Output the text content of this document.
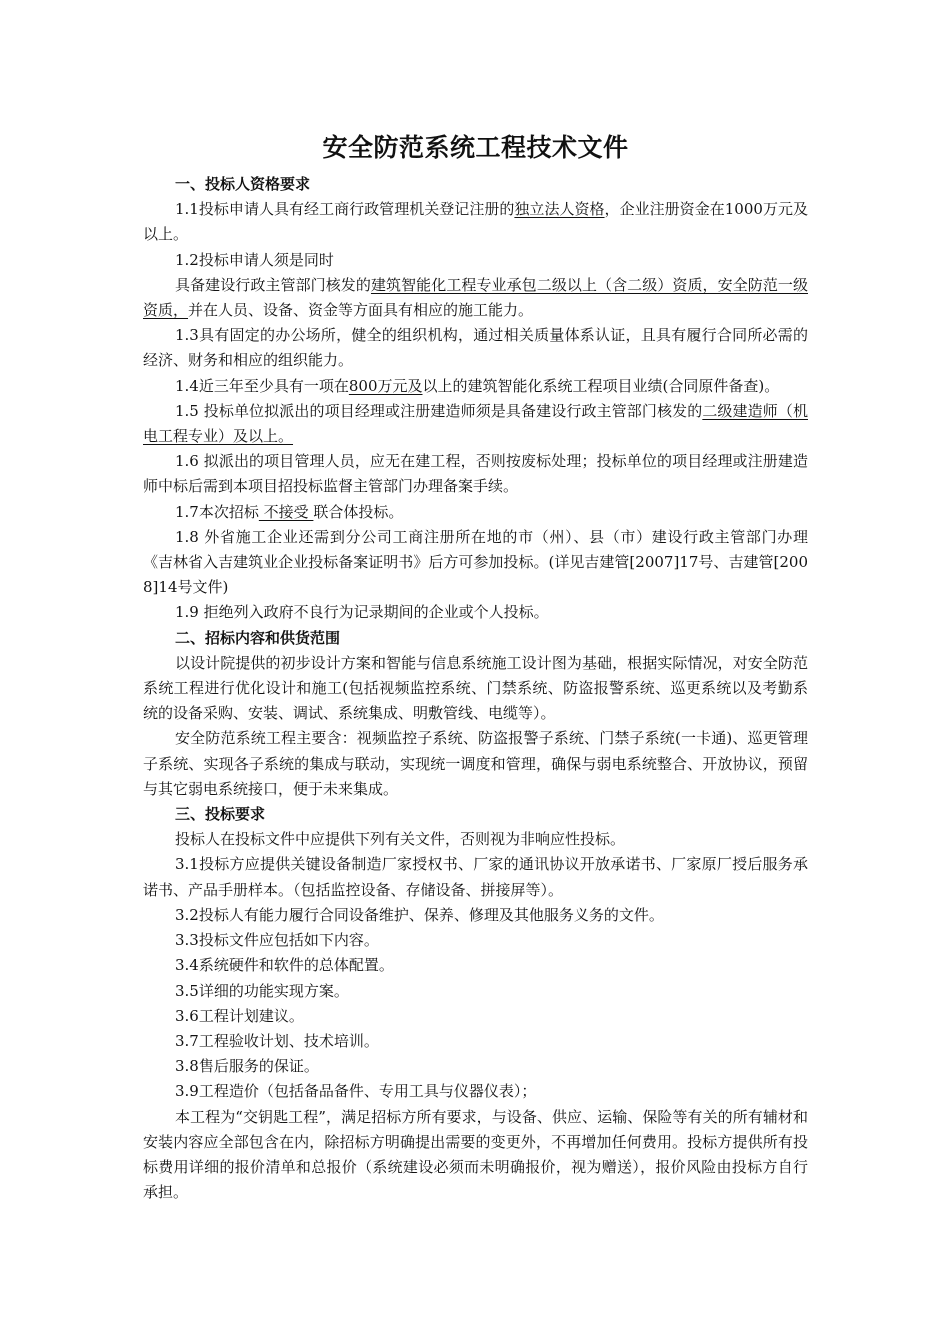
安全防范系统工程技术文件
一、投标人资格要求

1.1投标申请人具有经工商行政管理机关登记注册的独立法人资格，企业注册资金在1000万元及以上。

1.2投标申请人须是同时

具备建设行政主管部门核发的建筑智能化工程专业承包二级以上（含二级）资质，安全防范一级资质，并在人员、设备、资金等方面具有相应的施工能力。

1.3具有固定的办公场所，健全的组织机构，通过相关质量体系认证，且具有履行合同所必需的经济、财务和相应的组织能力。

1.4近三年至少具有一项在800万元及以上的建筑智能化系统工程项目业绩(合同原件备查)。

1.5 投标单位拟派出的项目经理或注册建造师须是具备建设行政主管部门核发的二级建造师（机电工程专业）及以上。

1.6 拟派出的项目管理人员，应无在建工程，否则按废标处理；投标单位的项目经理或注册建造师中标后需到本项目招投标监督主管部门办理备案手续。

1.7本次招标 不接受 联合体投标。

1.8 外省施工企业还需到分公司工商注册所在地的市（州）、县（市）建设行政主管部门办理《吉林省入吉建筑业企业投标备案证明书》后方可参加投标。(详见吉建管[2007]17号、吉建管[2008]14号文件)

1.9 拒绝列入政府不良行为记录期间的企业或个人投标。

二、招标内容和供货范围

以设计院提供的初步设计方案和智能与信息系统施工设计图为基础，根据实际情况，对安全防范系统工程进行优化设计和施工(包括视频监控系统、门禁系统、防盗报警系统、巡更系统以及考勤系统的设备采购、安装、调试、系统集成、明敷管线、电缆等）。

安全防范系统工程主要含：视频监控子系统、防盗报警子系统、门禁子系统(一卡通)、巡更管理子系统、实现各子系统的集成与联动，实现统一调度和管理，确保与弱电系统整合、开放协议，预留与其它弱电系统接口，便于未来集成。

三、投标要求

投标人在投标文件中应提供下列有关文件，否则视为非响应性投标。

3.1投标方应提供关键设备制造厂家授权书、厂家的通讯协议开放承诺书、厂家原厂授后服务承诺书、产品手册样本。（包括监控设备、存储设备、拼接屏等）。

3.2投标人有能力履行合同设备维护、保养、修理及其他服务义务的文件。

3.3投标文件应包括如下内容。

3.4系统硬件和软件的总体配置。

3.5详细的功能实现方案。

3.6工程计划建议。

3.7工程验收计划、技术培训。

3.8售后服务的保证。

3.9工程造价（包括备品备件、专用工具与仪器仪表）；

本工程为“交钥匙工程”，满足招标方所有要求，与设备、供应、运输、保险等有关的所有辅材和安装内容应全部包含在内，除招标方明确提出需要的变更外，不再增加任何费用。投标方提供所有投标费用详细的报价清单和总报价（系统建设必须而未明确报价，视为赠送），报价风险由投标方自行承担。
